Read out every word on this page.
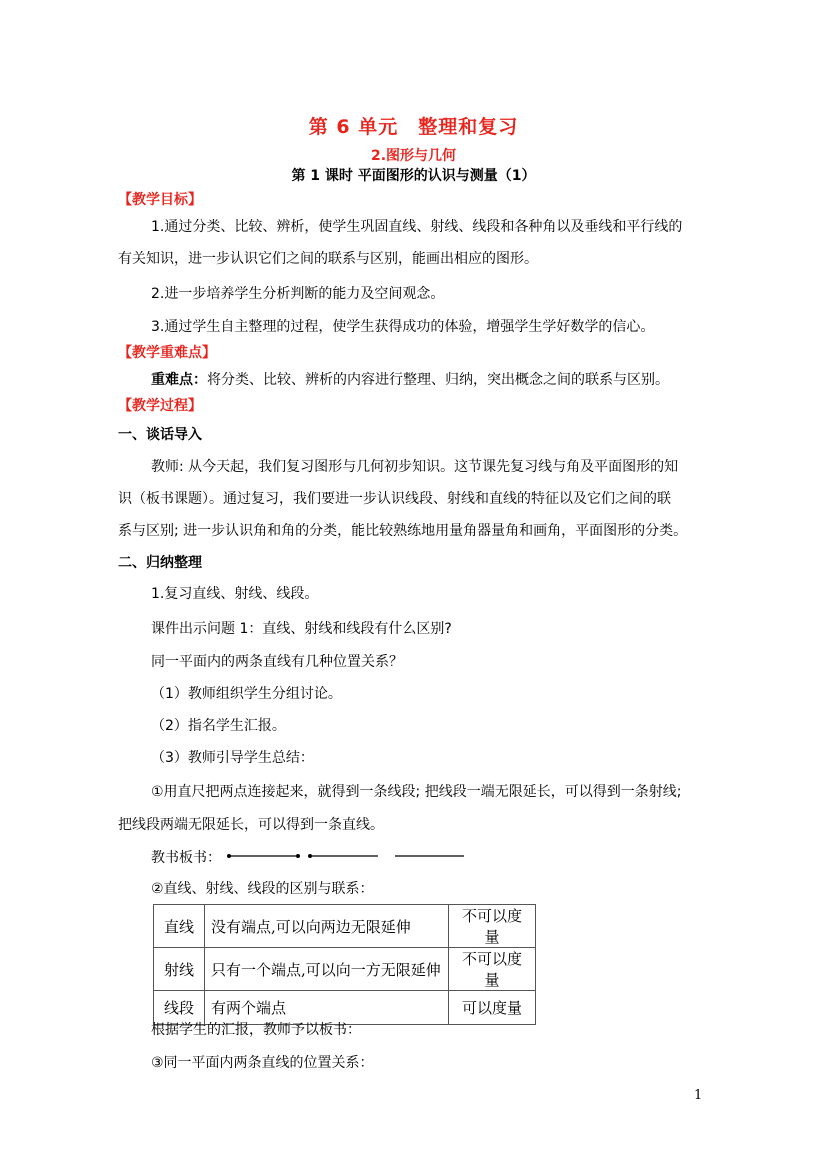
第 6 单元　整理和复习
2.图形与几何
第 1 课时 平面图形的认识与测量（1）
【教学目标】
1.通过分类、比较、辨析，使学生巩固直线、射线、线段和各种角以及垂线和平行线的
有关知识，进一步认识它们之间的联系与区别，能画出相应的图形。
2.进一步培养学生分析判断的能力及空间观念。
3.通过学生自主整理的过程，使学生获得成功的体验，增强学生学好数学的信心。
【教学重难点】
重难点：将分类、比较、辨析的内容进行整理、归纳，突出概念之间的联系与区别。
【教学过程】
一、谈话导入
教师: 从今天起，我们复习图形与几何初步知识。这节课先复习线与角及平面图形的知
识（板书课题）。通过复习，我们要进一步认识线段、射线和直线的特征以及它们之间的联
系与区别; 进一步认识角和角的分类，能比较熟练地用量角器量角和画角，平面图形的分类。
二、归纳整理
1.复习直线、射线、线段。
课件出示问题 1：直线、射线和线段有什么区别?
同一平面内的两条直线有几种位置关系？
（1）教师组织学生分组讨论。
（2）指名学生汇报。
（3）教师引导学生总结：
①用直尺把两点连接起来，就得到一条线段; 把线段一端无限延长，可以得到一条射线;
把线段两端无限延长，可以得到一条直线。
教书板书：
②直线、射线、线段的区别与联系：
直线	没有端点,可以向两边无限延伸	不可以度量
射线	只有一个端点,可以向一方无限延伸	不可以度量
线段	有两个端点	可以度量
根据学生的汇报，教师予以板书：
③同一平面内两条直线的位置关系：
1
